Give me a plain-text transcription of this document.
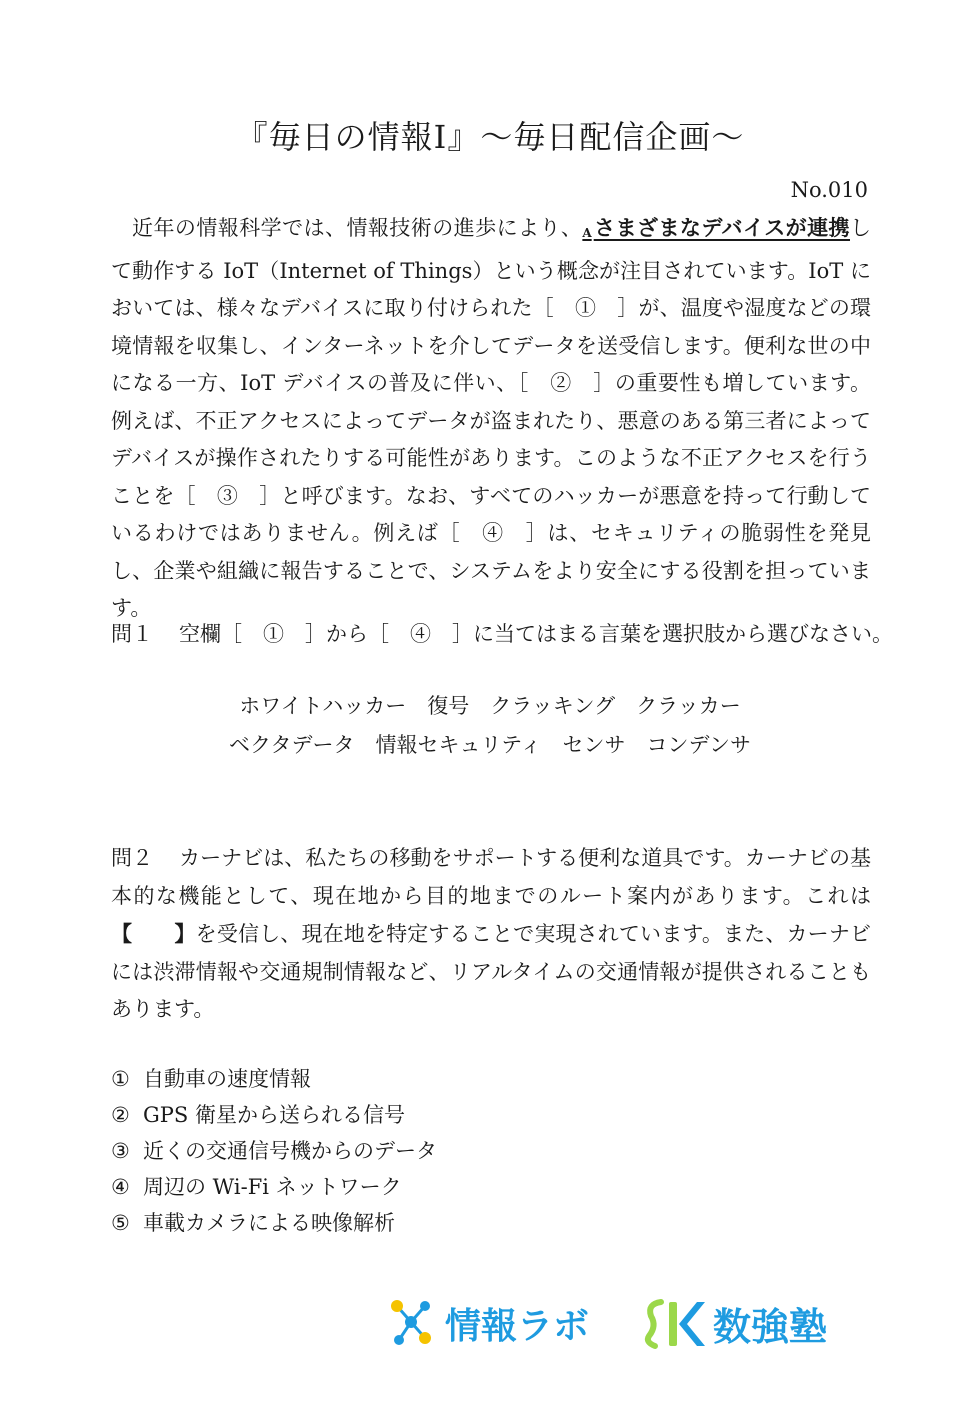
『毎日の情報Ⅰ』〜毎日配信企画〜
No.010
近年の情報科学では、情報技術の進歩により、Aさまざまなデバイスが連携して動作する IoT（Internet of Things）という概念が注目されています。IoT においては、様々なデバイスに取り付けられた［　①　］が、温度や湿度などの環境情報を収集し、インターネットを介してデータを送受信します。便利な世の中になる一方、IoT デバイスの普及に伴い、［　②　］の重要性も増しています。例えば、不正アクセスによってデータが盗まれたり、悪意のある第三者によってデバイスが操作されたりする可能性があります。このような不正アクセスを行うことを［　③　］と呼びます。なお、すべてのハッカーが悪意を持って行動しているわけではありません。例えば［　④　］は、セキュリティの脆弱性を発見し、企業や組織に報告することで、システムをより安全にする役割を担っています。
問１ 空欄［　①　］から［　④　］に当てはまる言葉を選択肢から選びなさい。
ホワイトハッカー　復号　クラッキング　クラッカー
ベクタデータ　情報セキュリティ　センサ　コンデンサ
問２ カーナビは、私たちの移動をサポートする便利な道具です。カーナビの基本的な機能として、現在地から目的地までのルート案内があります。これは【　　】を受信し、現在地を特定することで実現されています。また、カーナビには渋滞情報や交通規制情報など、リアルタイムの交通情報が提供されることもあります。
① 自動車の速度情報
② GPS 衛星から送られる信号
③ 近くの交通信号機からのデータ
④ 周辺の Wi-Fi ネットワーク
⑤ 車載カメラによる映像解析
情報ラボ	数強塾
